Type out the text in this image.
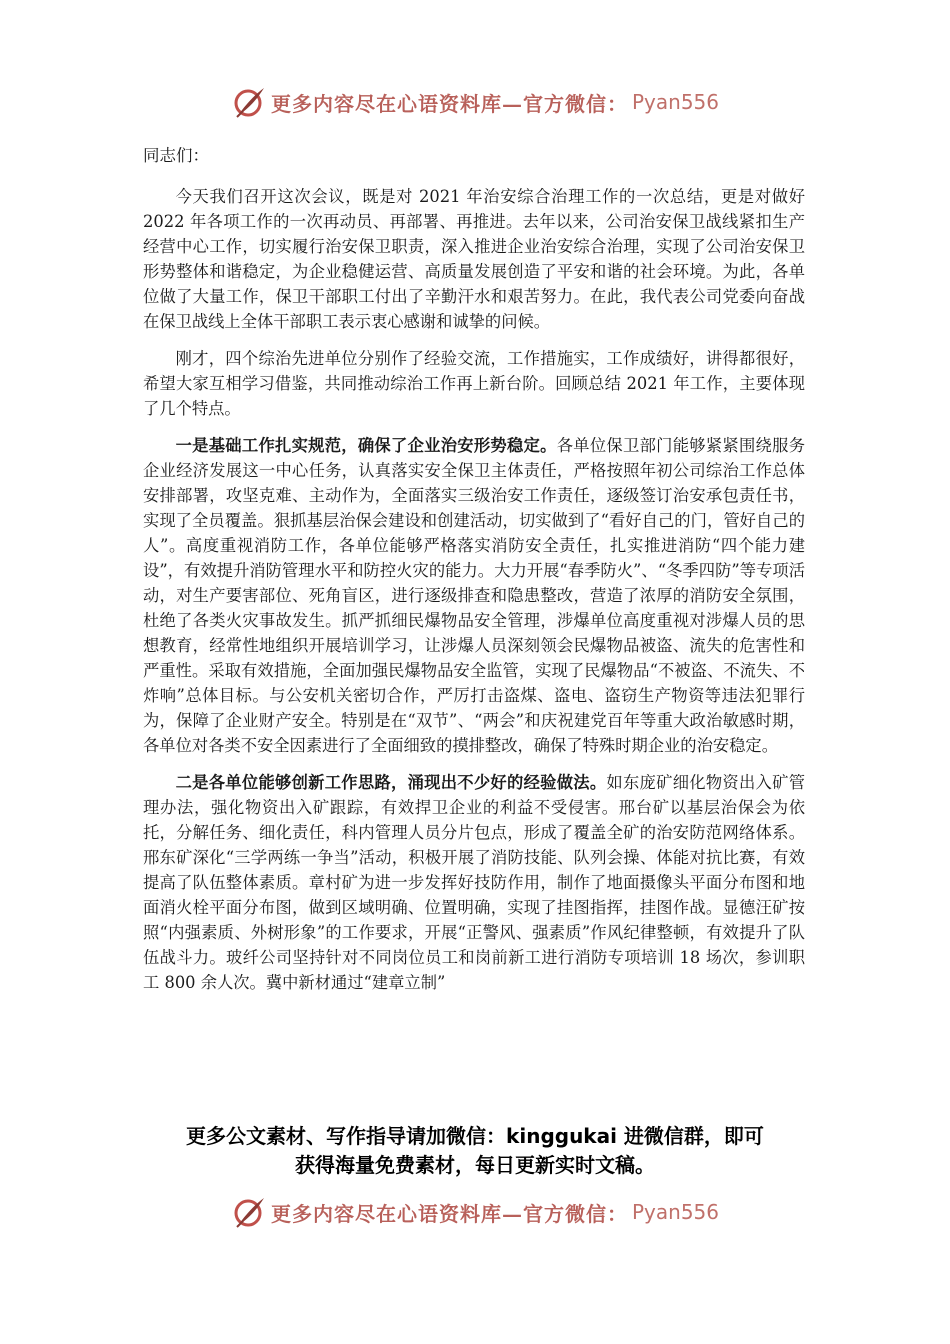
更多内容尽在心语资料库—官方微信： Pyan556
同志们：

今天我们召开这次会议，既是对 2021 年治安综合治理工作的一次总结，更是对做好 2022 年各项工作的一次再动员、再部署、再推进。去年以来，公司治安保卫战线紧扣生产经营中心工作，切实履行治安保卫职责，深入推进企业治安综合治理，实现了公司治安保卫形势整体和谐稳定，为企业稳健运营、高质量发展创造了平安和谐的社会环境。为此，各单位做了大量工作，保卫干部职工付出了辛勤汗水和艰苦努力。在此，我代表公司党委向奋战在保卫战线上全体干部职工表示衷心感谢和诚挚的问候。

刚才，四个综治先进单位分别作了经验交流，工作措施实，工作成绩好，讲得都很好，希望大家互相学习借鉴，共同推动综治工作再上新台阶。回顾总结 2021 年工作，主要体现了几个特点。

一是基础工作扎实规范，确保了企业治安形势稳定。各单位保卫部门能够紧紧围绕服务企业经济发展这一中心任务，认真落实安全保卫主体责任，严格按照年初公司综治工作总体安排部署，攻坚克难、主动作为，全面落实三级治安工作责任，逐级签订治安承包责任书，实现了全员覆盖。狠抓基层治保会建设和创建活动，切实做到了“看好自己的门，管好自己的人”。高度重视消防工作，各单位能够严格落实消防安全责任，扎实推进消防“四个能力建设”，有效提升消防管理水平和防控火灾的能力。大力开展“春季防火”、“冬季四防”等专项活动，对生产要害部位、死角盲区，进行逐级排查和隐患整改，营造了浓厚的消防安全氛围，杜绝了各类火灾事故发生。抓严抓细民爆物品安全管理，涉爆单位高度重视对涉爆人员的思想教育，经常性地组织开展培训学习，让涉爆人员深刻领会民爆物品被盗、流失的危害性和严重性。采取有效措施，全面加强民爆物品安全监管，实现了民爆物品“不被盗、不流失、不炸响”总体目标。与公安机关密切合作，严厉打击盗煤、盗电、盗窃生产物资等违法犯罪行为，保障了企业财产安全。特别是在“双节”、“两会”和庆祝建党百年等重大政治敏感时期，各单位对各类不安全因素进行了全面细致的摸排整改，确保了特殊时期企业的治安稳定。

二是各单位能够创新工作思路，涌现出不少好的经验做法。如东庞矿细化物资出入矿管理办法，强化物资出入矿跟踪，有效捍卫企业的利益不受侵害。邢台矿以基层治保会为依托，分解任务、细化责任，科内管理人员分片包点，形成了覆盖全矿的治安防范网络体系。邢东矿深化“三学两练一争当”活动，积极开展了消防技能、队列会操、体能对抗比赛，有效提高了队伍整体素质。章村矿为进一步发挥好技防作用，制作了地面摄像头平面分布图和地面消火栓平面分布图，做到区域明确、位置明确，实现了挂图指挥，挂图作战。显德汪矿按照“内强素质、外树形象”的工作要求，开展“正警风、强素质”作风纪律整顿，有效提升了队伍战斗力。玻纤公司坚持针对不同岗位员工和岗前新工进行消防专项培训 18 场次，参训职工 800 余人次。冀中新材通过“建章立制”

更多公文素材、写作指导请加微信：kinggukai 进微信群，即可
获得海量免费素材，每日更新实时文稿。
更多内容尽在心语资料库—官方微信： Pyan556
